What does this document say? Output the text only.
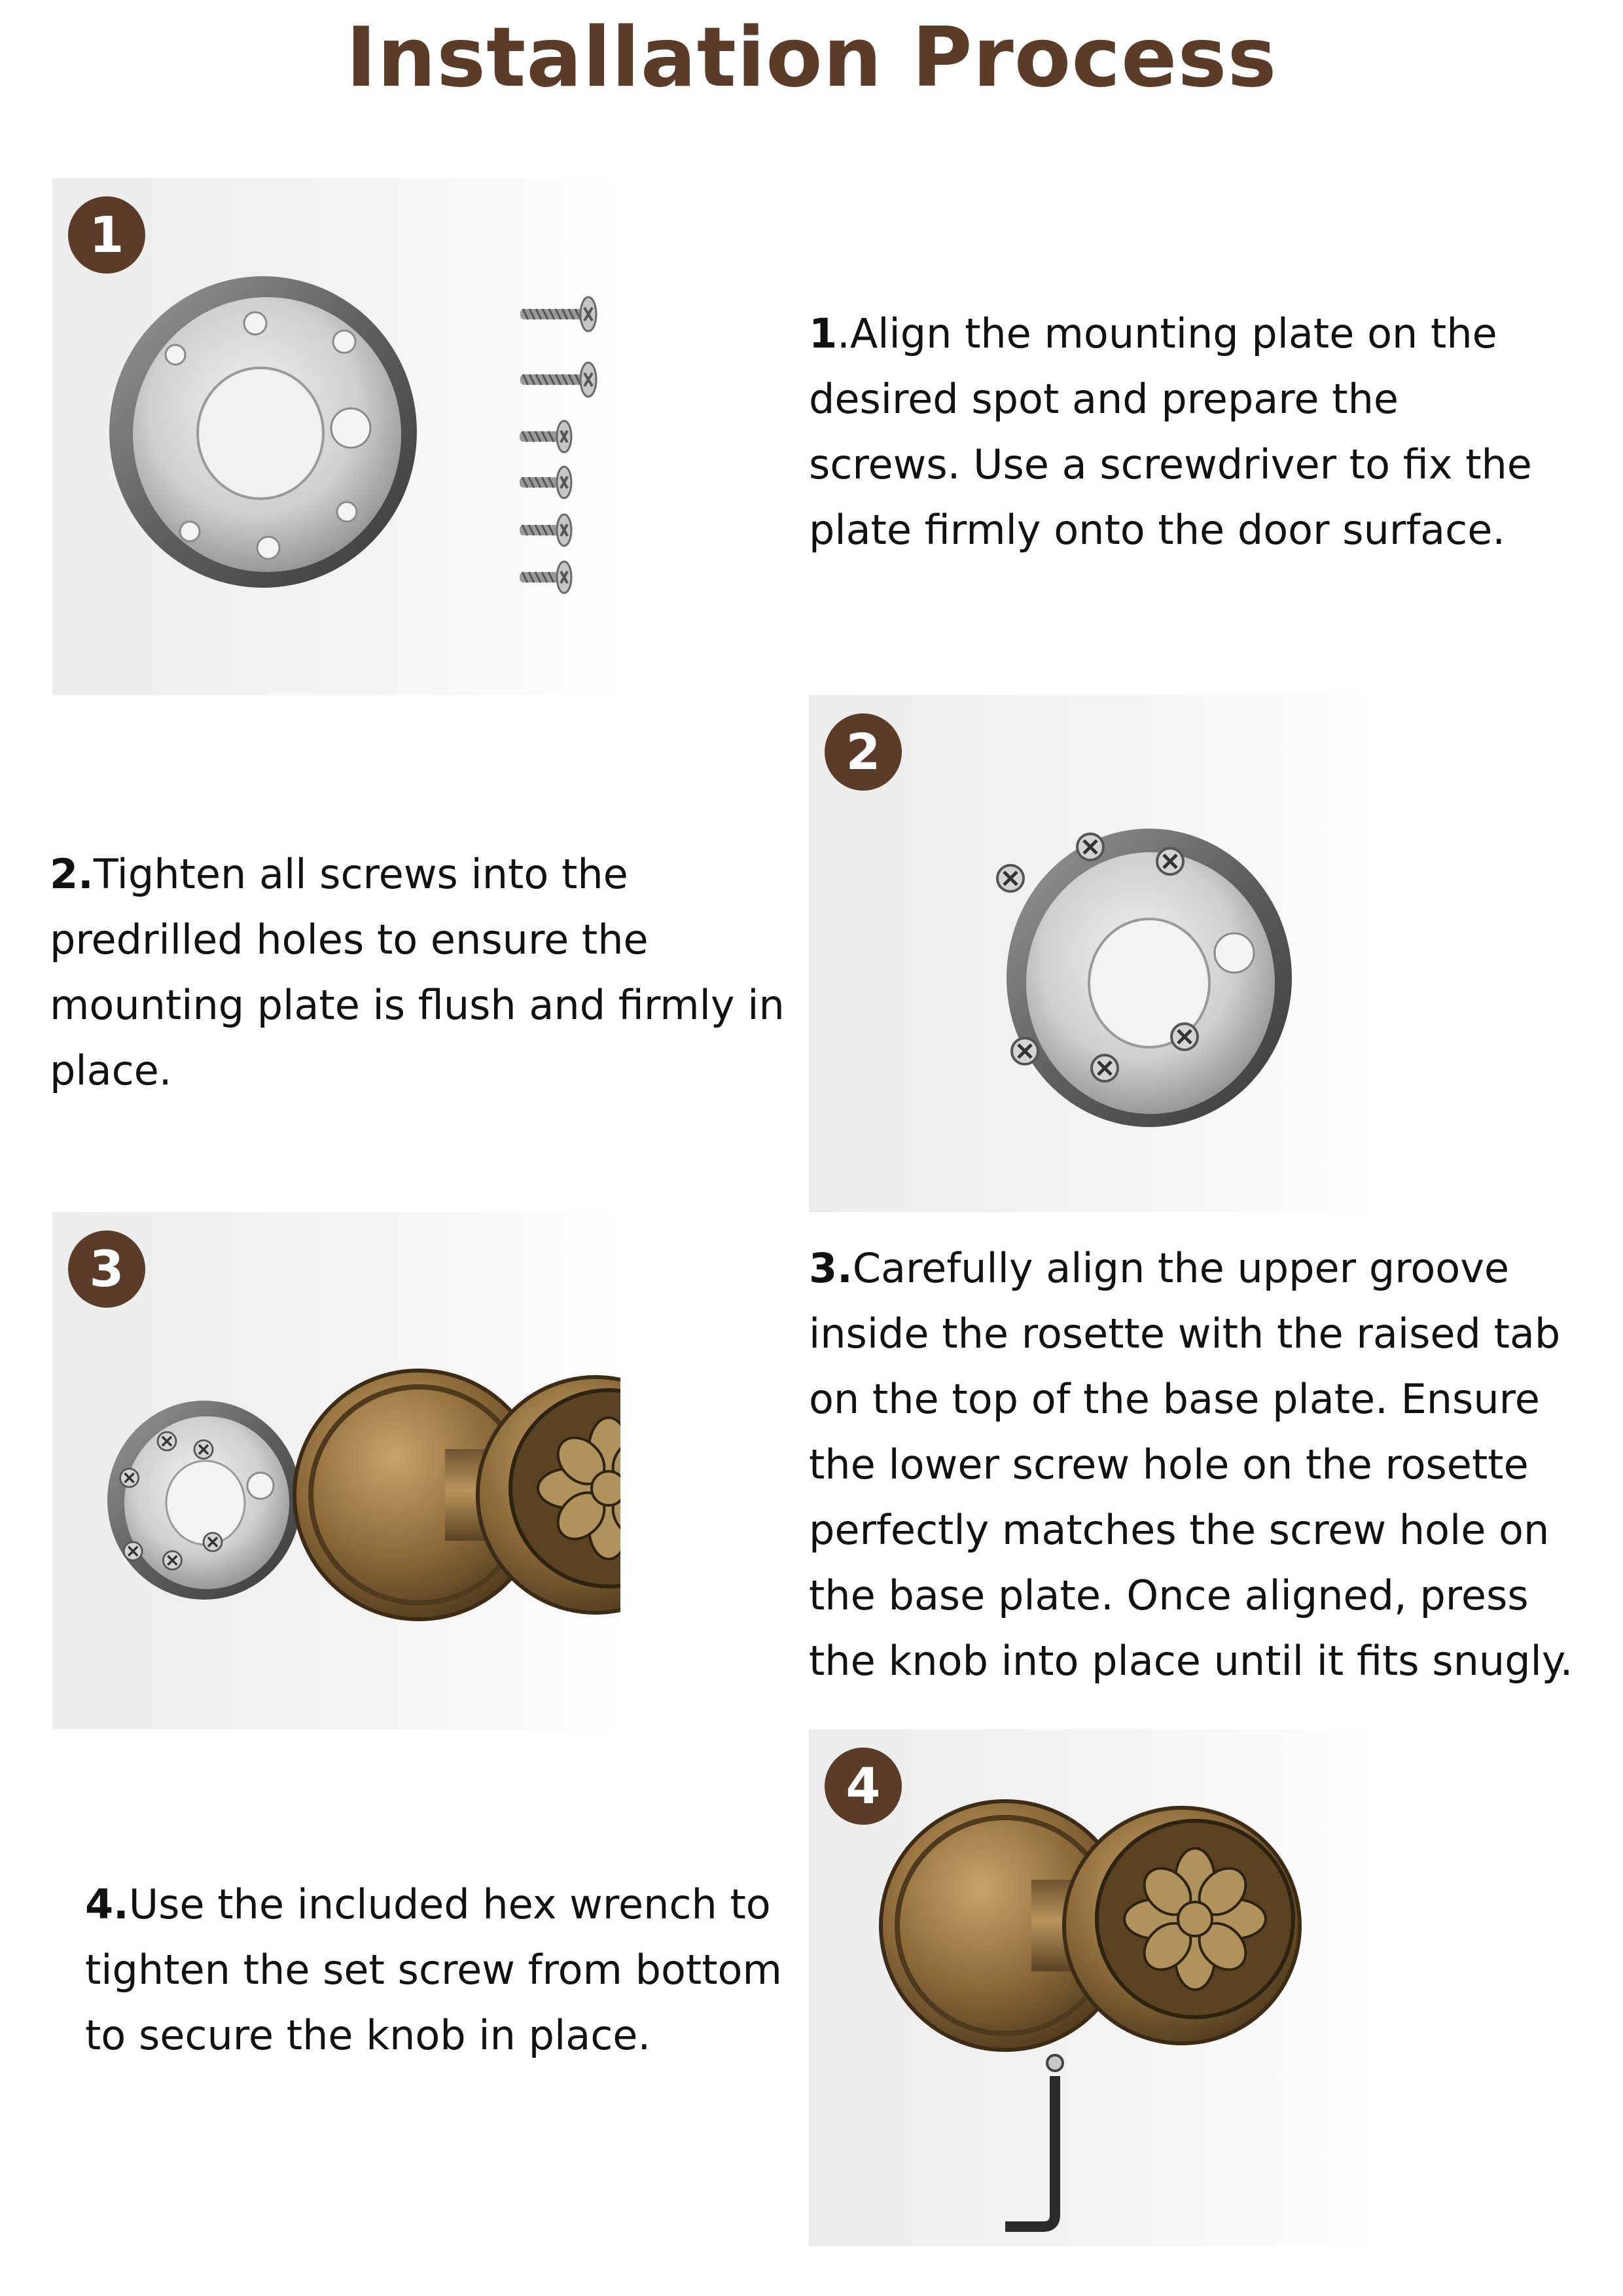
Installation Process
1
1.Align the mounting plate on the desired spot and prepare the screws. Use a screwdriver to fix the plate firmly onto the door surface.
2.Tighten all screws into the predrilled holes to ensure the mounting plate is flush and firmly in place.
2
3	3.Carefully align the upper groove inside the rosette with the raised tab on the top of the base plate. Ensure the lower screw hole on the rosette perfectly matches the screw hole on the base plate. Once aligned, press the knob into place until it fits snugly.
4.Use the included hex wrench to tighten the set screw from bottom to secure the knob in place.
4
